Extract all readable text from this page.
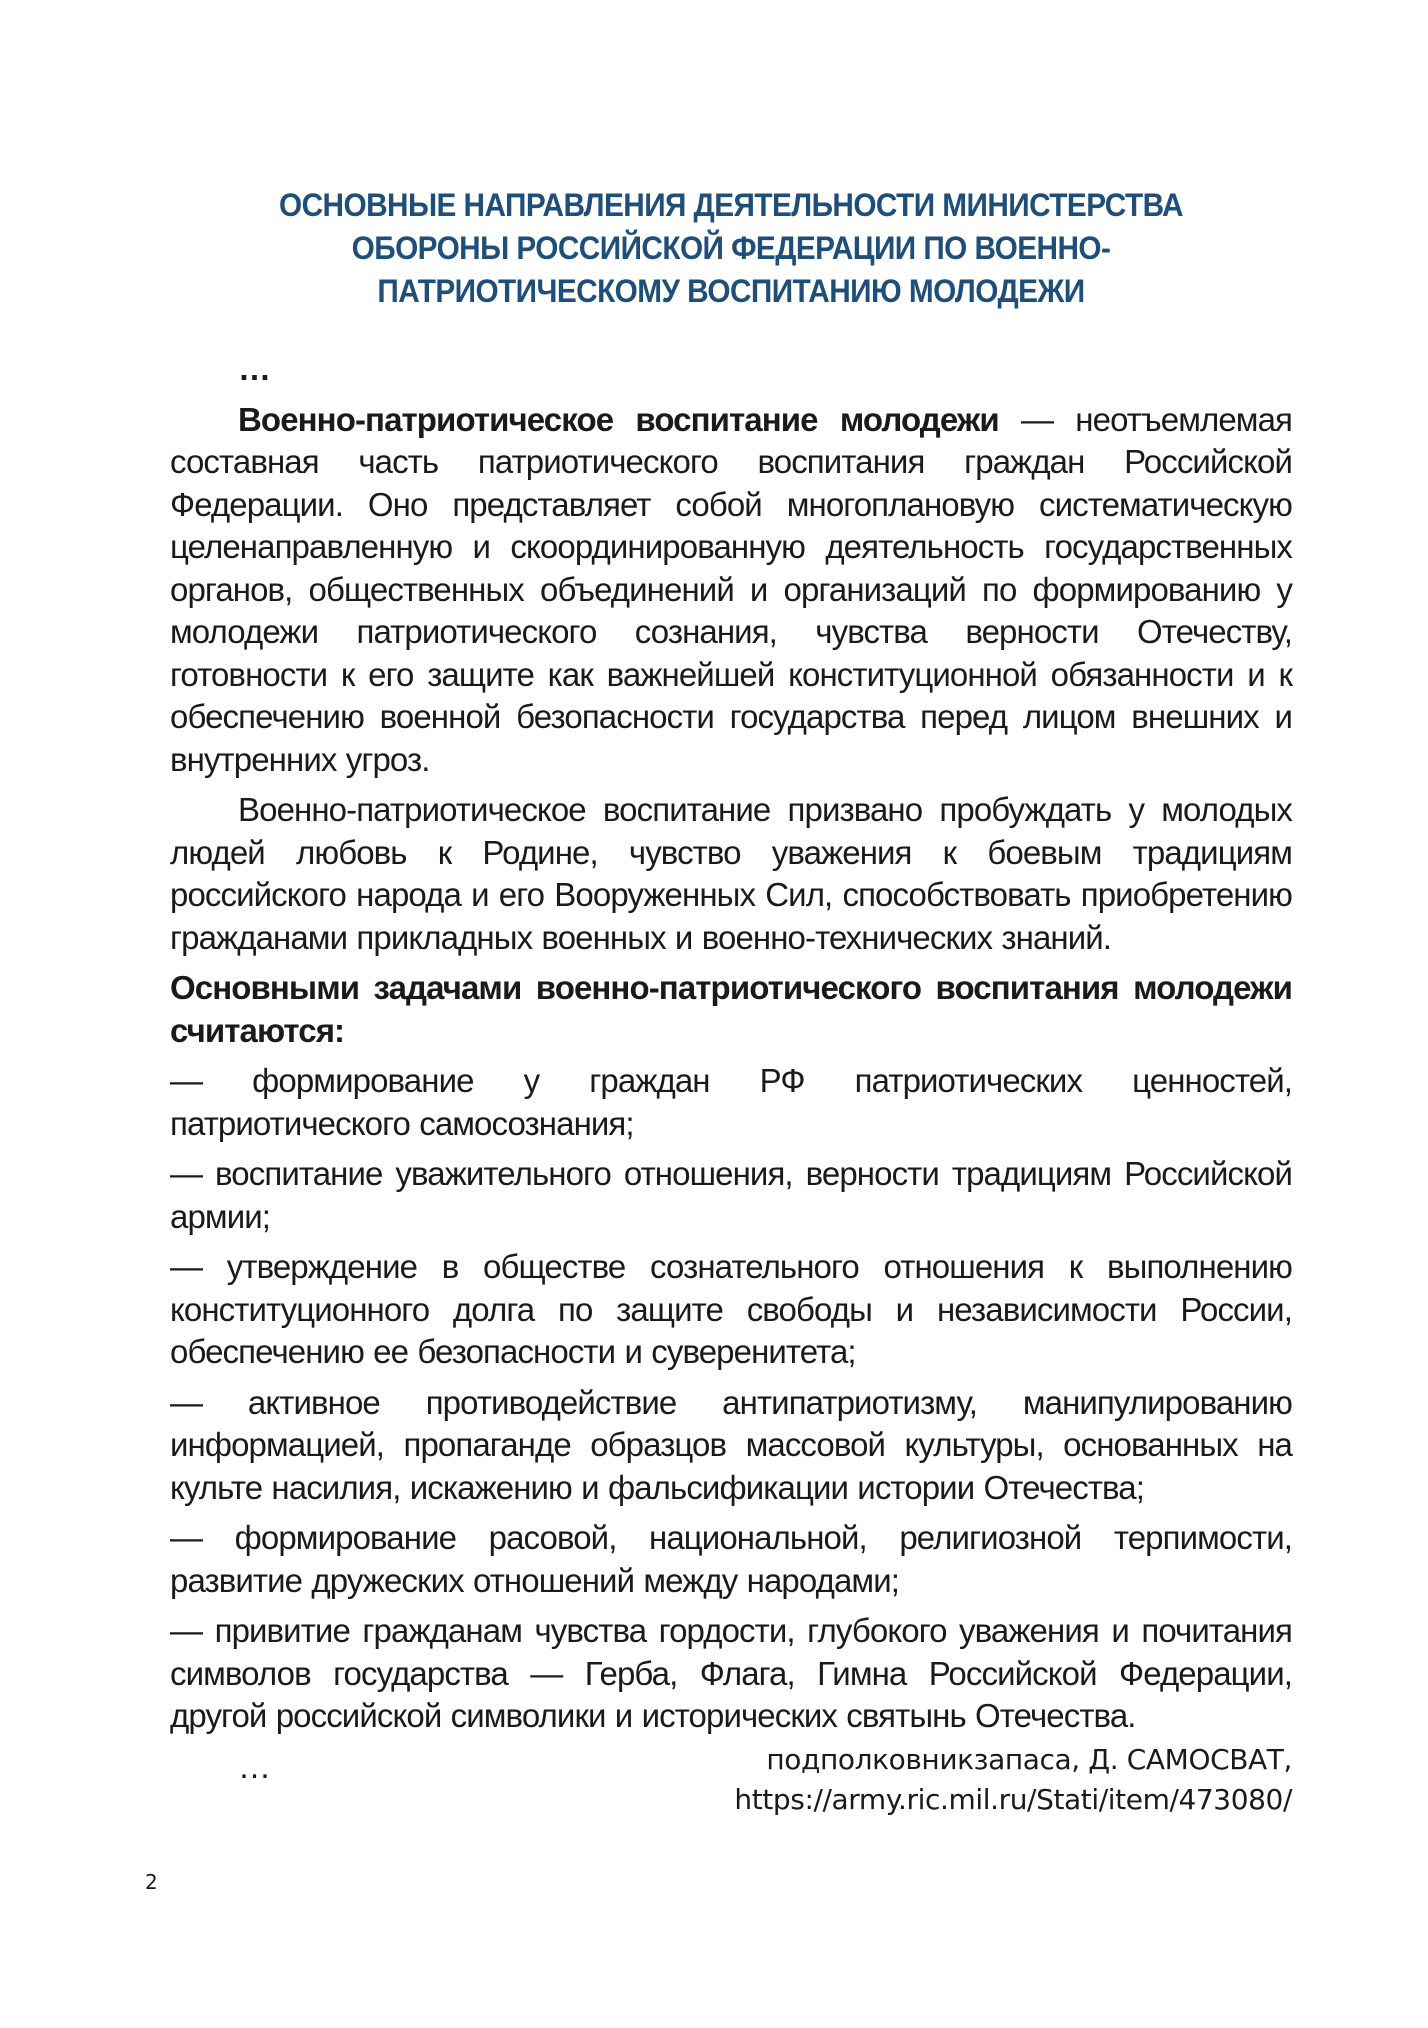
ОСНОВНЫЕ НАПРАВЛЕНИЯ ДЕЯТЕЛЬНОСТИ МИНИСТЕРСТВА
ОБОРОНЫ РОССИЙСКОЙ ФЕДЕРАЦИИ ПО ВОЕННО-
ПАТРИОТИЧЕСКОМУ ВОСПИТАНИЮ МОЛОДЕЖИ

…

Военно-патриотическое воспитание молодежи — неотъемлемая составная часть патриотического воспитания граждан Российской Федерации. Оно представляет собой многоплановую систематическую целенаправленную и скоординированную деятельность государственных органов, общественных объединений и организаций по формированию у молодежи патриотического сознания, чувства верности Отечеству, готовности к его защите как важнейшей конституционной обязанности и к обеспечению военной безопасности государства перед лицом внешних и внутренних угроз.

Военно-патриотическое воспитание призвано пробуждать у молодых людей любовь к Родине, чувство уважения к боевым традициям российского народа и его Вооруженных Сил, способствовать приобретению гражданами прикладных военных и военно-технических знаний.

Основными задачами военно-патриотического воспитания молодежи считаются:

— формирование у граждан РФ патриотических ценностей, патриотического самосознания;

— воспитание уважительного отношения, верности традициям Российской армии;

— утверждение в обществе сознательного отношения к выполнению конституционного долга по защите свободы и независимости России, обеспечению ее безопасности и суверенитета;

— активное противодействие антипатриотизму, манипулированию информацией, пропаганде образцов массовой культуры, основанных на культе насилия, искажению и фальсификации истории Отечества;

— формирование расовой, национальной, религиозной терпимости, развитие дружеских отношений между народами;

— привитие гражданам чувства гордости, глубокого уважения и почитания символов государства — Герба, Флага, Гимна Российской Федерации, другой российской символики и исторических святынь Отечества.

…	подполковникзапаса, Д. САМОСВАТ,
https://army.ric.mil.ru/Stati/item/473080/
2
